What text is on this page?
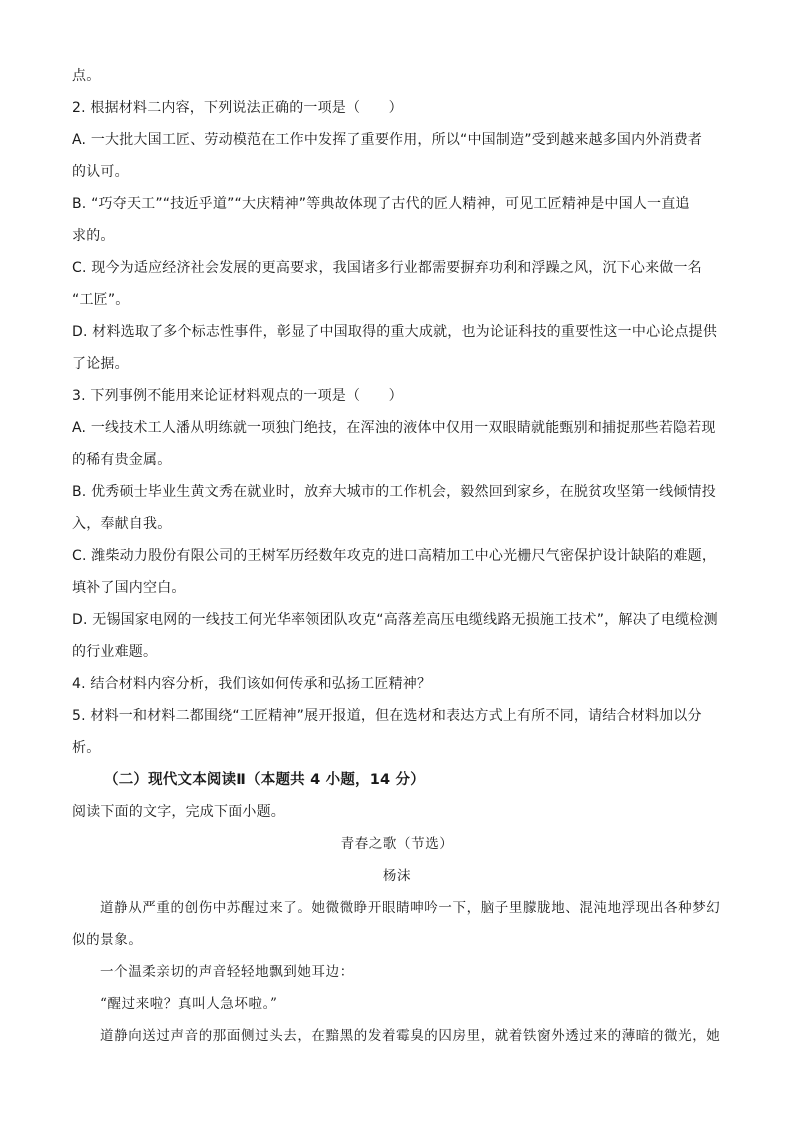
点。
2. 根据材料二内容，下列说法正确的一项是（　　）
A. 一大批大国工匠、劳动模范在工作中发挥了重要作用，所以“中国制造”受到越来越多国内外消费者
的认可。
B. “巧夺天工”“技近乎道”“大庆精神”等典故体现了古代的匠人精神，可见工匠精神是中国人一直追
求的。
C. 现今为适应经济社会发展的更高要求，我国诸多行业都需要摒弃功利和浮躁之风，沉下心来做一名
“工匠”。
D. 材料选取了多个标志性事件，彰显了中国取得的重大成就，也为论证科技的重要性这一中心论点提供
了论据。
3. 下列事例不能用来论证材料观点的一项是（　　）
A. 一线技术工人潘从明练就一项独门绝技，在浑浊的液体中仅用一双眼睛就能甄别和捕捉那些若隐若现
的稀有贵金属。
B. 优秀硕士毕业生黄文秀在就业时，放弃大城市的工作机会，毅然回到家乡，在脱贫攻坚第一线倾情投
入，奉献自我。
C. 潍柴动力股份有限公司的王树军历经数年攻克的进口高精加工中心光栅尺气密保护设计缺陷的难题，
填补了国内空白。
D. 无锡国家电网的一线技工何光华率领团队攻克“高落差高压电缆线路无损施工技术”，解决了电缆检测
的行业难题。
4. 结合材料内容分析，我们该如何传承和弘扬工匠精神？
5. 材料一和材料二都围绕“工匠精神”展开报道，但在选材和表达方式上有所不同，请结合材料加以分
析。
（二）现代文本阅读Ⅱ（本题共 4 小题，14 分）
阅读下面的文字，完成下面小题。
青春之歌（节选）
杨沫
道静从严重的创伤中苏醒过来了。她微微睁开眼睛呻吟一下，脑子里朦胧地、混沌地浮现出各种梦幻
似的景象。
一个温柔亲切的声音轻轻地飘到她耳边：
“醒过来啦？真叫人急坏啦。”
道静向送过声音的那面侧过头去，在黯黑的发着霉臭的囚房里，就着铁窗外透过来的薄暗的微光，她
